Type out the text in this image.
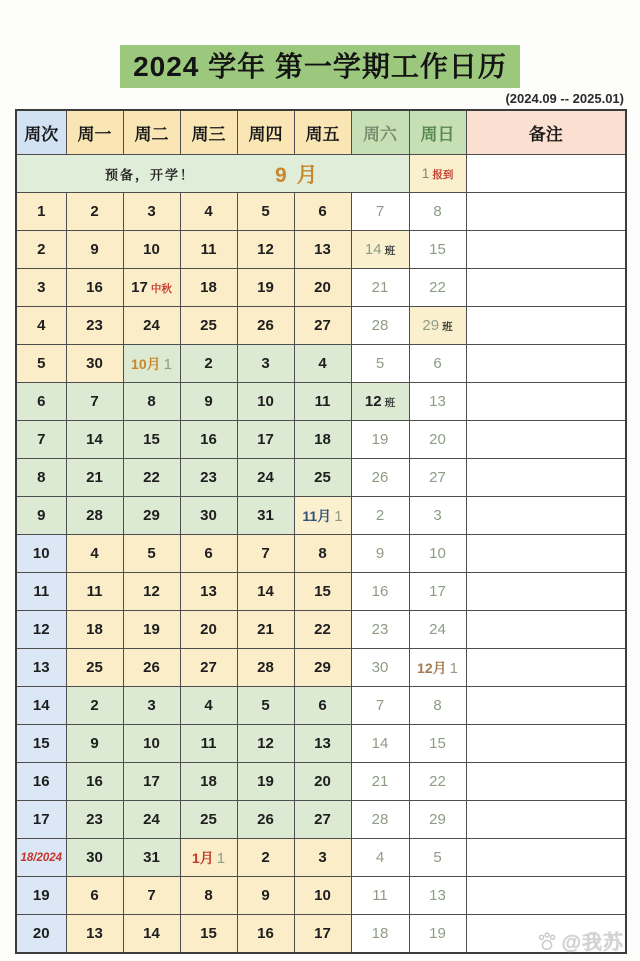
2024 学年 第一学期工作日历
(2024.09 -- 2025.01)
周次	周一	周二	周三	周四	周五	周六	周日	备注

预备，开学！ 9 月							1 报到	
1	2	3	4	5	6	7	8	
2	9	10	11	12	13	14 班	15	
3	16	17 中秋	18	19	20	21	22	
4	23	24	25	26	27	28	29 班	
5	30	10月 1	2	3	4	5	6	
6	7	8	9	10	11	12 班	13	
7	14	15	16	17	18	19	20	
8	21	22	23	24	25	26	27	
9	28	29	30	31	11月 1	2	3	
10	4	5	6	7	8	9	10	
11	11	12	13	14	15	16	17	
12	18	19	20	21	22	23	24	
13	25	26	27	28	29	30	12月 1	
14	2	3	4	5	6	7	8	
15	9	10	11	12	13	14	15	
16	16	17	18	19	20	21	22	
17	23	24	25	26	27	28	29	
18/2024	30	31	1月 1	2	3	4	5	
19	6	7	8	9	10	11	13	
20	13	14	15	16	17	18	19		@我苏
